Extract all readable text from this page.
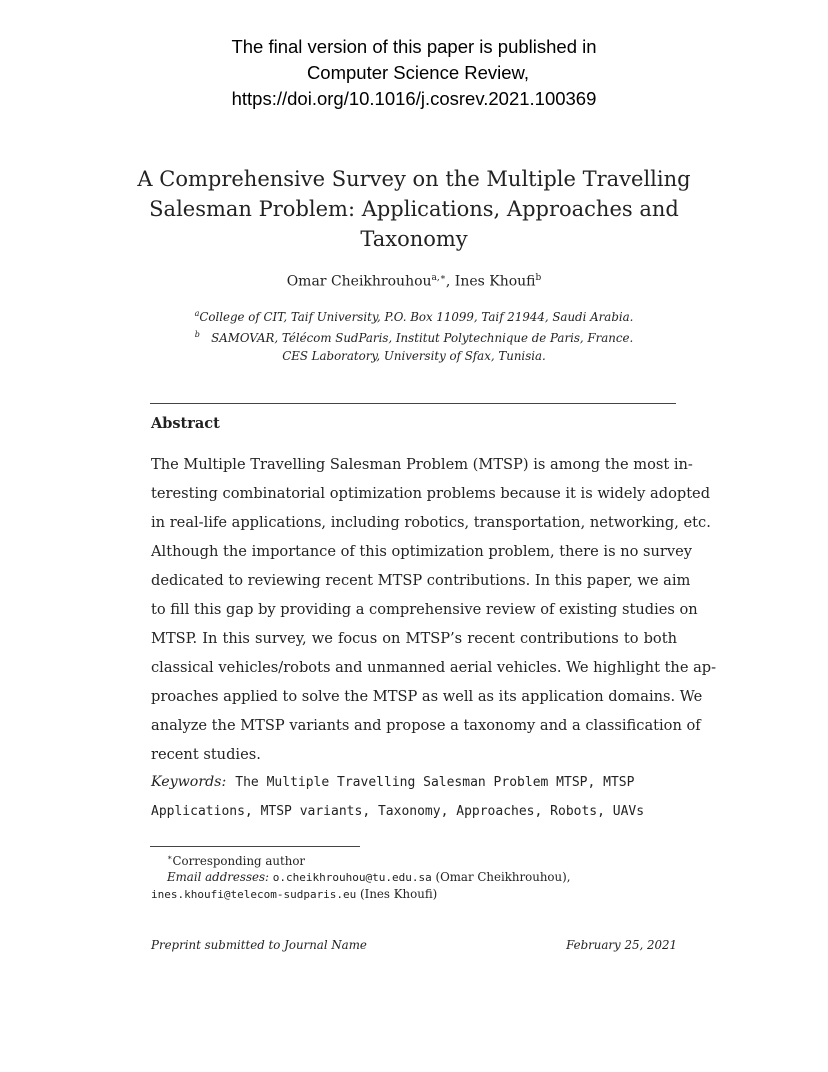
The final version of this paper is published in
Computer Science Review,
https://doi.org/10.1016/j.cosrev.2021.100369
A Comprehensive Survey on the Multiple Travelling
Salesman Problem: Applications, Approaches and
Taxonomy
Omar Cheikhrouhou$^{a,∗}$, Ines Khoufi$^b$
$^a$College of CIT, Taif University, P.O. Box 11099, Taif 21944, Saudi Arabia.
$^b$ SAMOVAR, Télécom SudParis, Institut Polytechnique de Paris, France.
CES Laboratory, University of Sfax, Tunisia.
Abstract
The Multiple Travelling Salesman Problem (MTSP) is among the most in-
teresting combinatorial optimization problems because it is widely adopted
in real-life applications, including robotics, transportation, networking, etc.
Although the importance of this optimization problem, there is no survey
dedicated to reviewing recent MTSP contributions. In this paper, we aim
to fill this gap by providing a comprehensive review of existing studies on
MTSP. In this survey, we focus on MTSP’s recent contributions to both
classical vehicles/robots and unmanned aerial vehicles. We highlight the ap-
proaches applied to solve the MTSP as well as its application domains. We
analyze the MTSP variants and propose a taxonomy and a classification of
recent studies.
Keywords: The Multiple Travelling Salesman Problem MTSP, MTSP
Applications, MTSP variants, Taxonomy, Approaches, Robots, UAVs
∗Corresponding author
Email addresses: o.cheikhrouhou@tu.edu.sa (Omar Cheikhrouhou),
ines.khoufi@telecom-sudparis.eu (Ines Khoufi)
Preprint submitted to Journal Name	February 25, 2021
